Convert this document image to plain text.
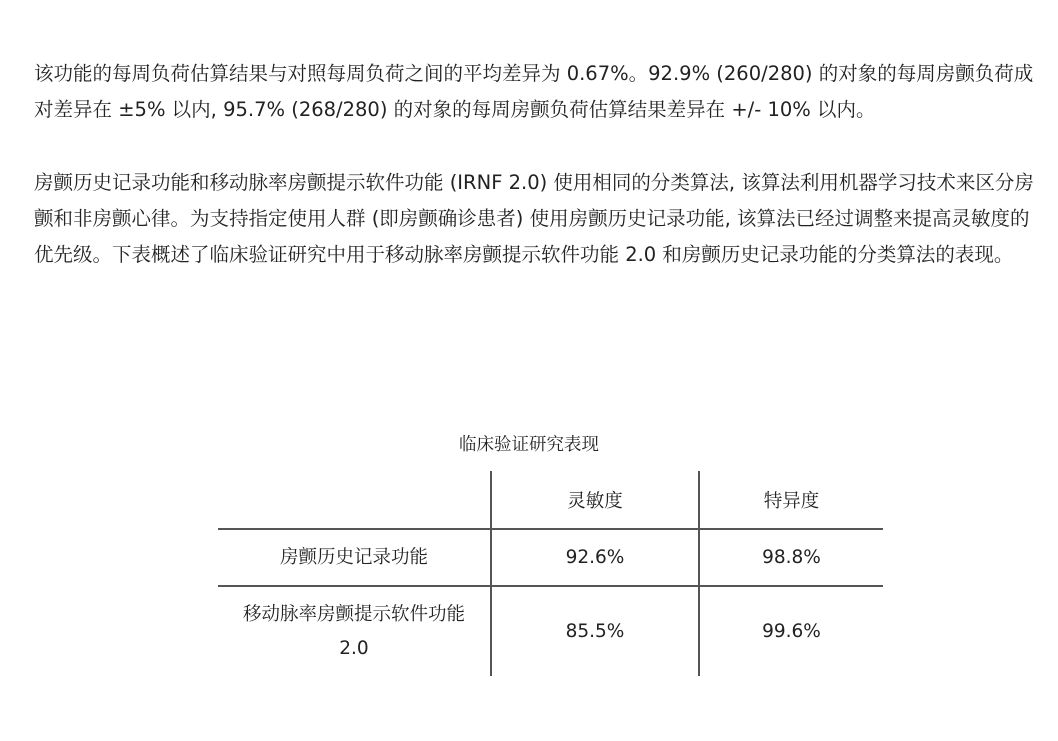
该功能的每周负荷估算结果与对照每周负荷之间的平均差异为 0.67%。92.9% (260/280) 的对象的每周房颤负荷成对差异在 ±5% 以内, 95.7% (268/280) 的对象的每周房颤负荷估算结果差异在 +/- 10% 以内。

房颤历史记录功能和移动脉率房颤提示软件功能 (IRNF 2.0) 使用相同的分类算法, 该算法利用机器学习技术来区分房颤和非房颤心律。为支持指定使用人群 (即房颤确诊患者) 使用房颤历史记录功能, 该算法已经过调整来提高灵敏度的优先级。下表概述了临床验证研究中用于移动脉率房颤提示软件功能 2.0 和房颤历史记录功能的分类算法的表现。

临床验证研究表现
	灵敏度	特异度
房颤历史记录功能	92.6%	98.8%
移动脉率房颤提示软件功能 2.0	85.5%	99.6%
